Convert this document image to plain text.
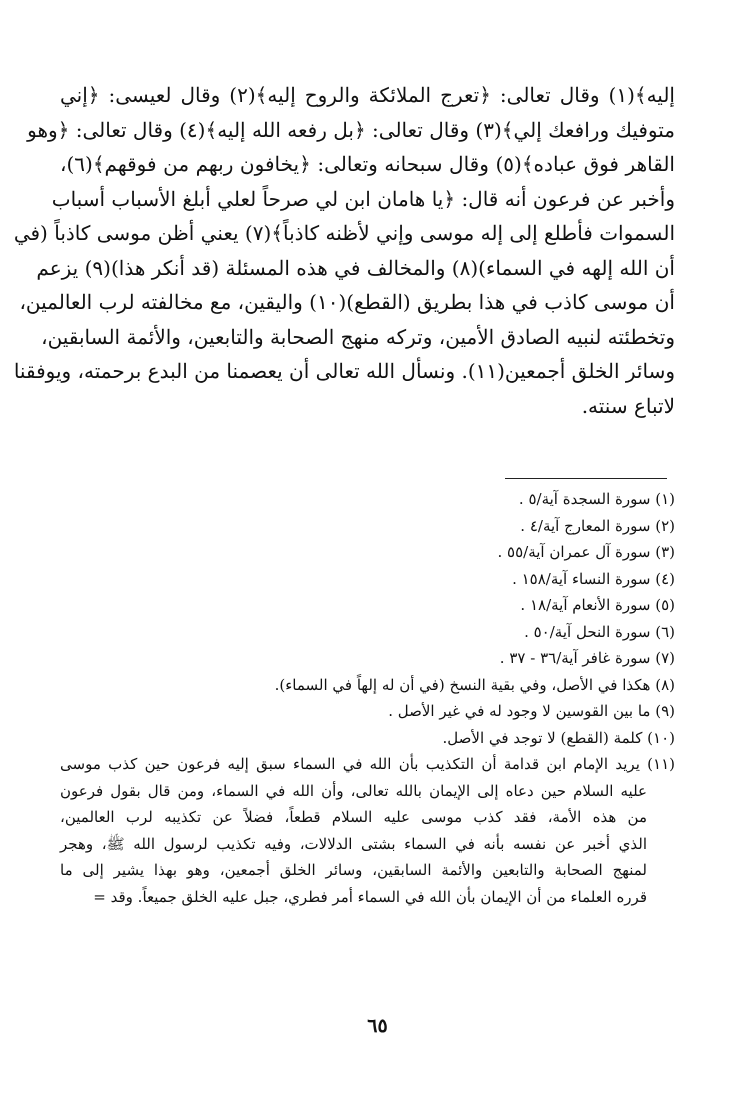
إليه﴾(١) وقال تعالى: ﴿تعرج الملائكة والروح إليه﴾(٢) وقال لعيسى: ﴿إني
متوفيك ورافعك إلي﴾(٣) وقال تعالى: ﴿بل رفعه الله إليه﴾(٤) وقال تعالى: ﴿وهو
القاهر فوق عباده﴾(٥) وقال سبحانه وتعالى: ﴿يخافون ربهم من فوقهم﴾(٦)،
وأخبر عن فرعون أنه قال: ﴿يا هامان ابن لي صرحاً لعلي أبلغ الأسباب أسباب
السموات فأطلع إلى إله موسى وإني لأظنه كاذباً﴾(٧) يعني أظن موسى كاذباً (في
أن الله إلهه في السماء)(٨) والمخالف في هذه المسئلة (قد أنكر هذا)(٩) يزعم
أن موسى كاذب في هذا بطريق (القطع)(١٠) واليقين، مع مخالفته لرب العالمين،
وتخطئته لنبيه الصادق الأمين، وتركه منهج الصحابة والتابعين، والأئمة السابقين،
وسائر الخلق أجمعين(١١). ونسأل الله تعالى أن يعصمنا من البدع برحمته، ويوفقنا
لاتباع سنته.
(١) سورة السجدة آية/٥ .
(٢) سورة المعارج آية/٤ .
(٣) سورة آل عمران آية/٥٥ .
(٤) سورة النساء آية/١٥٨ .
(٥) سورة الأنعام آية/١٨ .
(٦) سورة النحل آية/٥٠ .
(٧) سورة غافر آية/٣٦ - ٣٧ .
(٨) هكذا في الأصل، وفي بقية النسخ (في أن له إلهاً في السماء).
(٩) ما بين القوسين لا وجود له في غير الأصل .
(١٠) كلمة (القطع) لا توجد في الأصل.
(١١) يريد الإمام ابن قدامة أن التكذيب بأن الله في السماء سبق إليه فرعون حين كذب موسى
عليه السلام حين دعاه إلى الإيمان بالله تعالى، وأن الله في السماء، ومن قال بقول فرعون
من هذه الأمة، فقد كذب موسى عليه السلام قطعاً، فضلاً عن تكذيبه لرب العالمين،
الذي أخبر عن نفسه بأنه في السماء بشتى الدلالات، وفيه تكذيب لرسول الله ﷺ، وهجر
لمنهج الصحابة والتابعين والأئمة السابقين، وسائر الخلق أجمعين، وهو بهذا يشير إلى ما
قرره العلماء من أن الإيمان بأن الله في السماء أمر فطري، جبل عليه الخلق جميعاً. وقد =
٦٥
